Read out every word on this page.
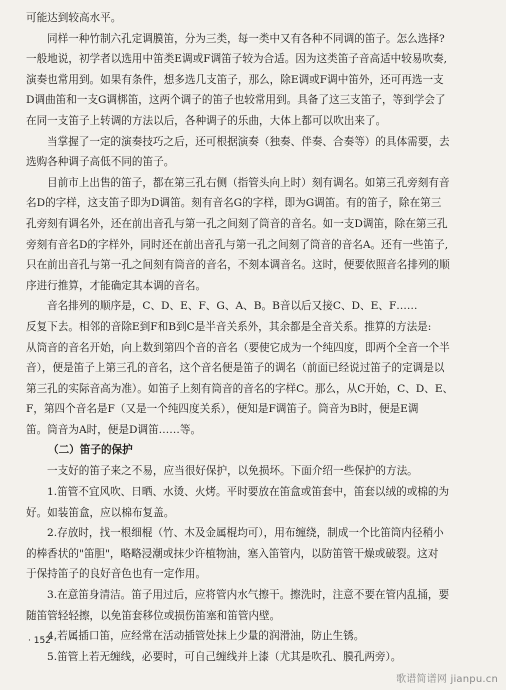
可能达到较高水平。

同样一种竹制六孔定调膜笛，分为三类，每一类中又有各种不同调的笛子。怎么选择?
一般地说，初学者以选用中笛类E调或F调笛子较为合适。因为这类笛子音高适中较易吹奏,
演奏也常用到。如果有条件，想多选几支笛子，那么，除E调或F调中笛外，还可再选一支
D调曲笛和一支G调梆笛，这两个调子的笛子也较常用到。具备了这三支笛子，等到学会了
在同一支笛子上转调的方法以后，各种调子的乐曲，大体上都可以吹出来了。

当掌握了一定的演奏技巧之后，还可根据演奏（独奏、伴奏、合奏等）的具体需要，去
选购各种调子高低不同的笛子。

目前市上出售的笛子，都在第三孔右侧（指管头向上时）刻有调名。如第三孔旁刻有音
名D的字样，这支笛子即为D调笛。刻有音名G的字样，即为G调笛。有的笛子，除在第三
孔旁刻有调名外，还在前出音孔与第一孔之间刻了筒音的音名。如一支D调笛，除在第三孔
旁刻有音名D的字样外，同时还在前出音孔与第一孔之间刻了筒音的音名A。还有一些笛子,
只在前出音孔与第一孔之间刻有筒音的音名，不刻本调音名。这时，便要依照音名排列的顺
序进行推算，才能确定其本调的音名。

音名排列的顺序是，C、D、E、F、G、A、B。B音以后又接C、D、E、F……
反复下去。相邻的音除E到F和B到C是半音关系外，其余都是全音关系。推算的方法是:
从筒音的音名开始，向上数到第四个音的音名（要使它成为一个纯四度，即两个全音一个半
音），便是笛子上第三孔的音名，这个音名便是笛子的调名（前面已经说过笛子的定调是以
第三孔的实际音高为准）。如笛子上刻有筒音的音名的字样C。那么，从C开始，C、D、E、
F，第四个音名是F（又是一个纯四度关系），便知是F调笛子。筒音为B时，便是E调
笛。筒音为A时，便是D调笛……等。

（二）笛子的保护

一支好的笛子来之不易，应当很好保护，以免损坏。下面介绍一些保护的方法。

1.笛管不宜风吹、日晒、水烫、火烤。平时要放在笛盒或笛套中，笛套以绒的或棉的为
好。如装笛盒，应以棉布复盖。

2.存放时，找一根细棍（竹、木及金属棍均可），用布缠绕，制成一个比笛筒内径稍小
的棒香状的"笛胆"，略略浸潮或抹少许植物油，塞入笛管内，以防笛管干燥或破裂。这对
于保持笛子的良好音色也有一定作用。

3.在意笛身清洁。笛子用过后，应将管内水气擦干。擦洗时，注意不要在管内乱捅，要
随笛管轻轻擦，以免笛套移位或损伤笛塞和笛管内壁。

4.若属插口笛，应经常在活动插管处抹上少量的润滑油，防止生锈。

5.笛管上若无缠线，必要时，可自己缠线并上漆（尤其是吹孔、膜孔两旁）。

· 152 ·
歌谱简谱网 jianpu.cn
